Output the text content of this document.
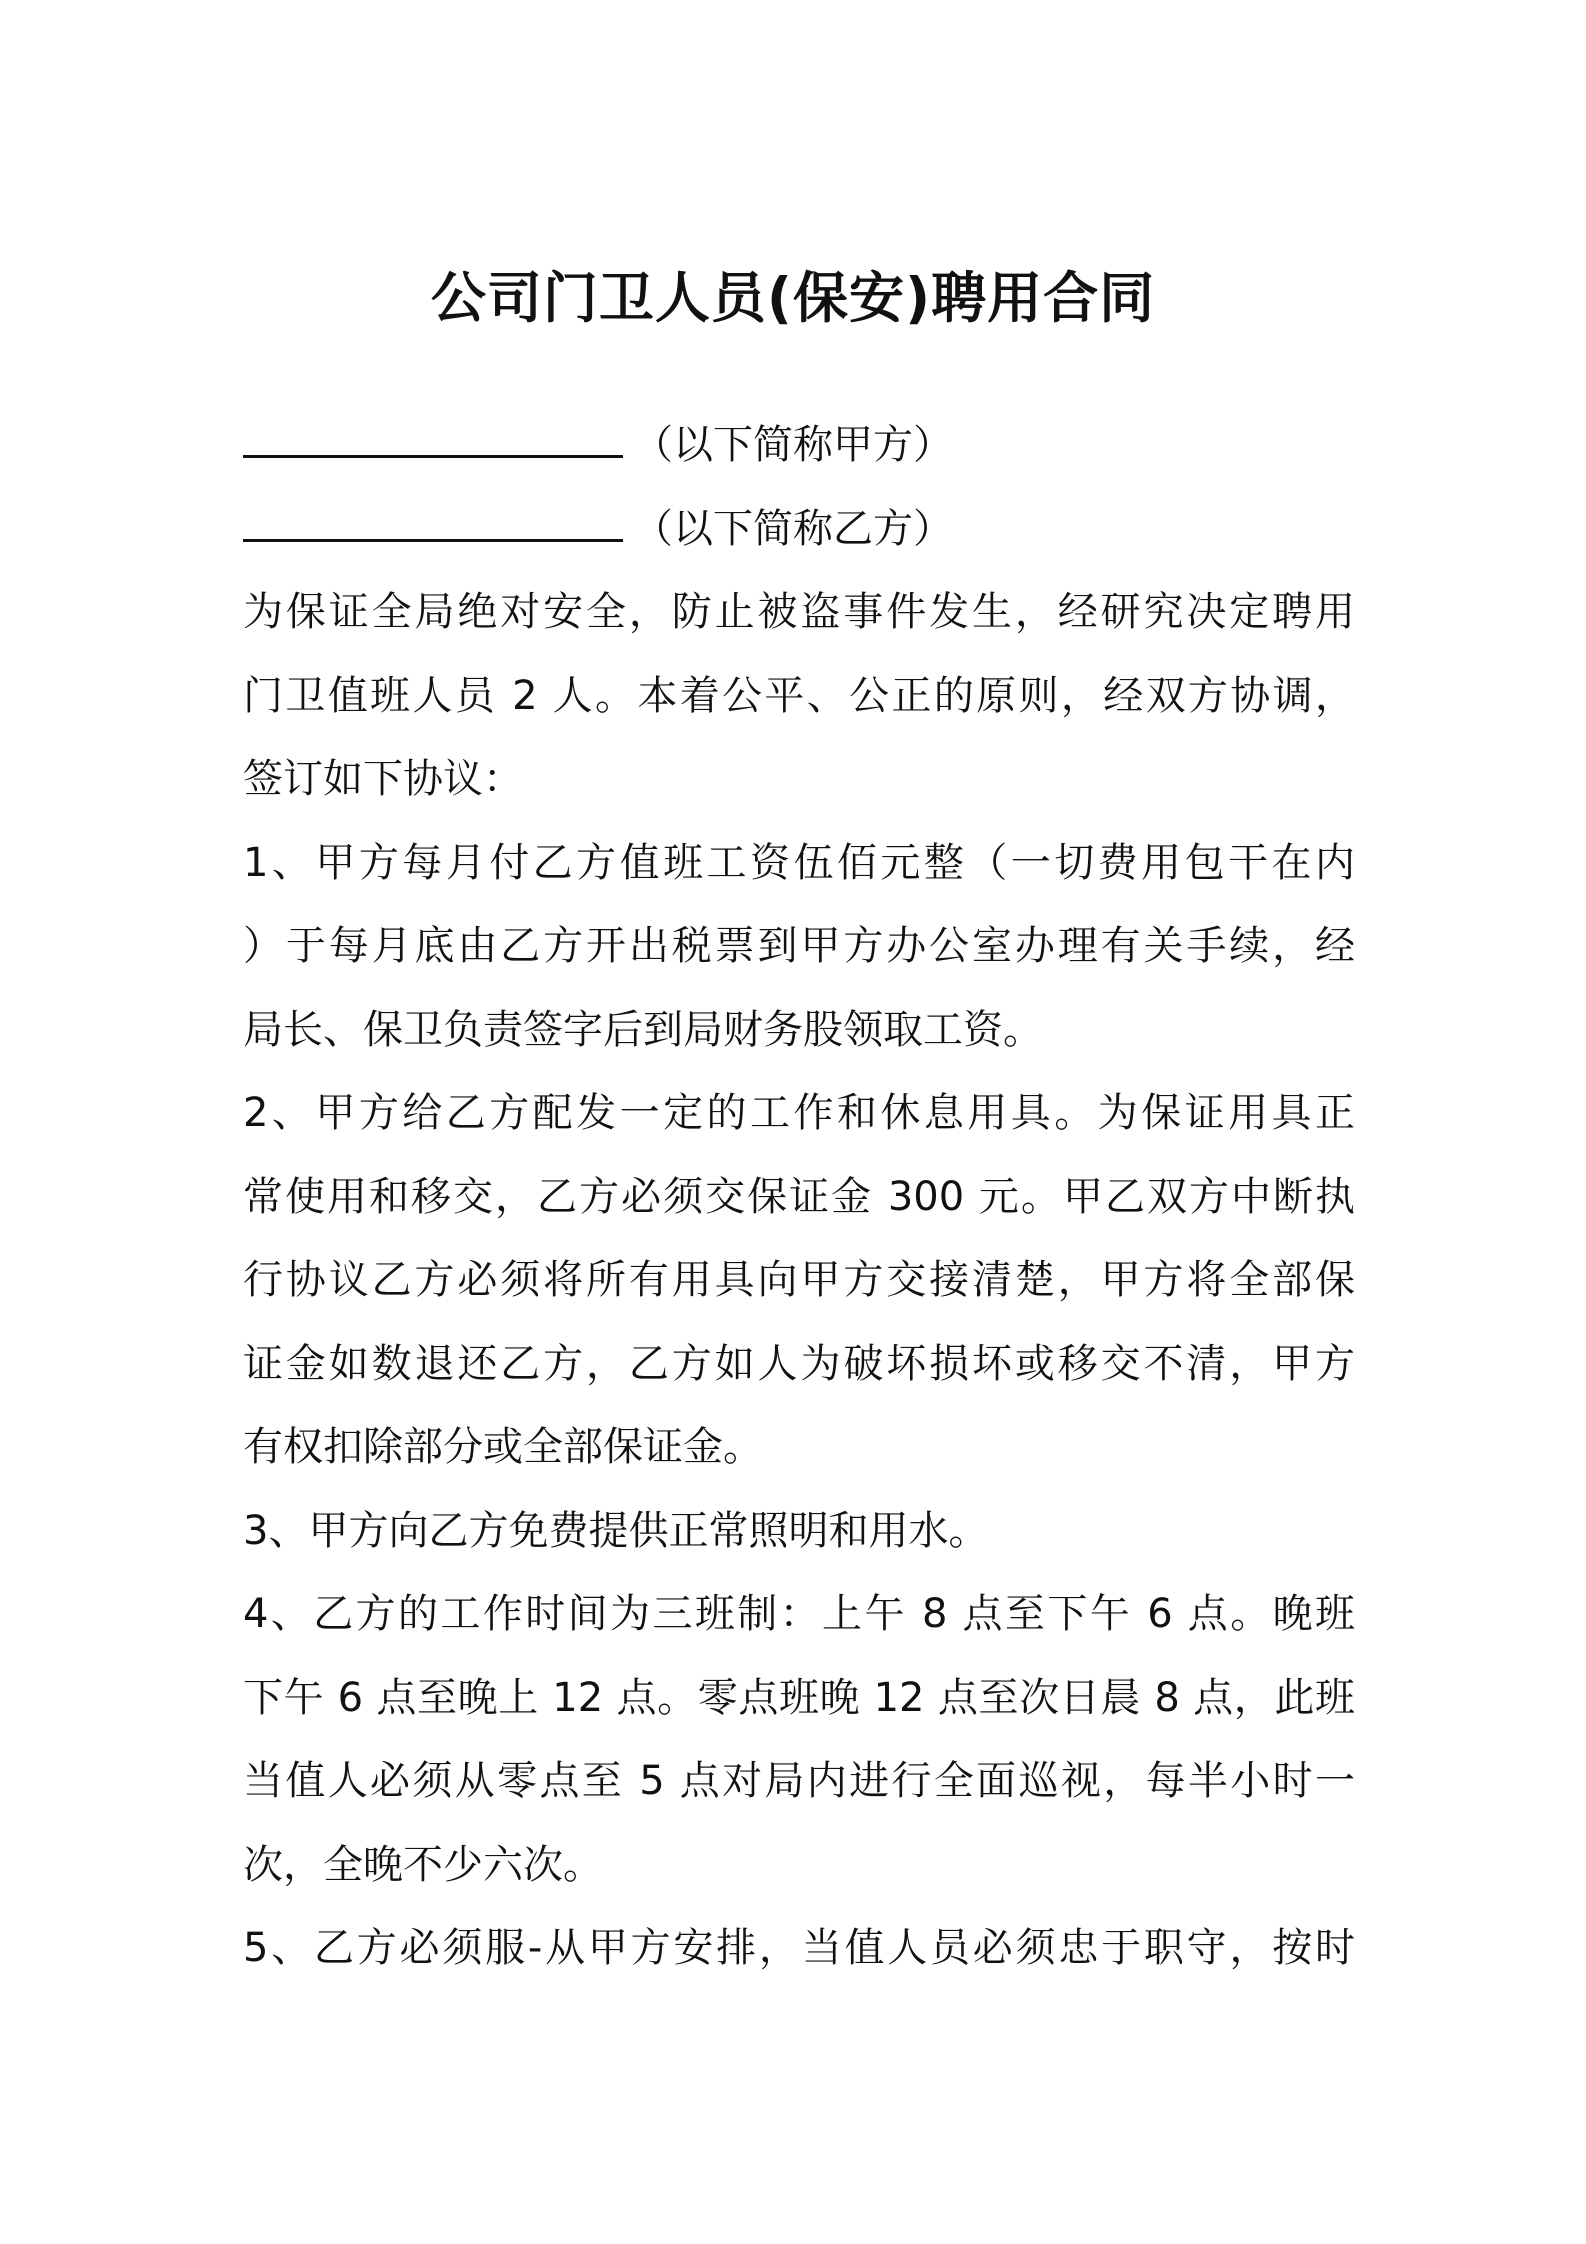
公司门卫人员(保安)聘用合同
（以下简称甲方）
（以下简称乙方）
为保证全局绝对安全，防止被盗事件发生，经研究决定聘用
门卫值班人员 2 人。本着公平、公正的原则，经双方协调，
签订如下协议：
1、甲方每月付乙方值班工资伍佰元整（一切费用包干在内
）于每月底由乙方开出税票到甲方办公室办理有关手续，经
局长、保卫负责签字后到局财务股领取工资。
2、甲方给乙方配发一定的工作和休息用具。为保证用具正
常使用和移交，乙方必须交保证金 300 元。甲乙双方中断执
行协议乙方必须将所有用具向甲方交接清楚，甲方将全部保
证金如数退还乙方，乙方如人为破坏损坏或移交不清，甲方
有权扣除部分或全部保证金。
3、甲方向乙方免费提供正常照明和用水。
4、乙方的工作时间为三班制：上午 8 点至下午 6 点。晚班
下午 6 点至晚上 12 点。零点班晚 12 点至次日晨 8 点，此班
当值人必须从零点至 5 点对局内进行全面巡视，每半小时一
次，全晚不少六次。
5、乙方必须服-从甲方安排，当值人员必须忠于职守，按时
